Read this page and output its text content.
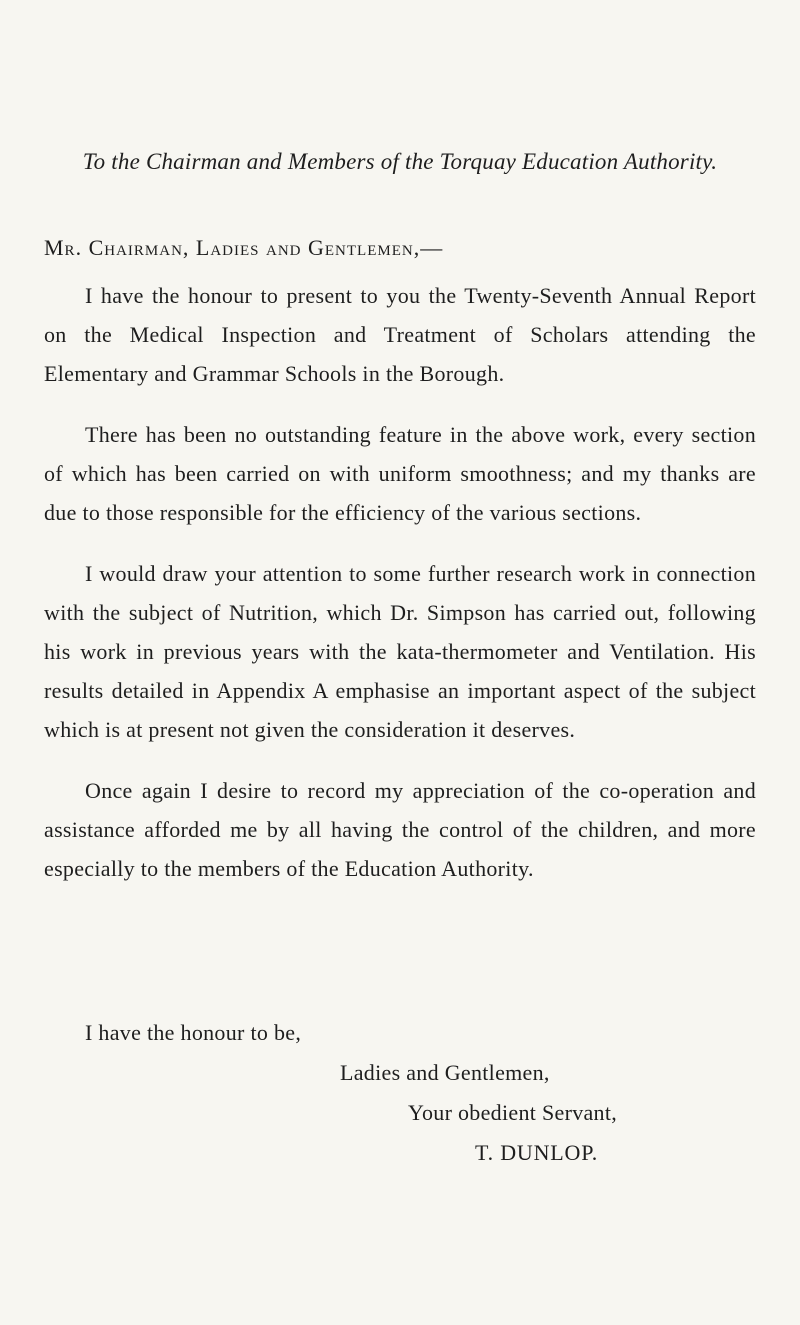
To the Chairman and Members of the Torquay Education Authority.
Mr. Chairman, Ladies and Gentlemen,—

I have the honour to present to you the Twenty-Seventh Annual Report on the Medical Inspection and Treatment of Scholars attending the Elementary and Grammar Schools in the Borough.

There has been no outstanding feature in the above work, every section of which has been carried on with uniform smoothness; and my thanks are due to those responsible for the efficiency of the various sections.

I would draw your attention to some further research work in connection with the subject of Nutrition, which Dr. Simpson has carried out, following his work in previous years with the kata-thermometer and Ventilation. His results detailed in Appendix A emphasise an important aspect of the subject which is at present not given the consideration it deserves.

Once again I desire to record my appreciation of the co-operation and assistance afforded me by all having the control of the children, and more especially to the members of the Education Authority.

I have the honour to be,
Ladies and Gentlemen,
Your obedient Servant,
T. DUNLOP.
